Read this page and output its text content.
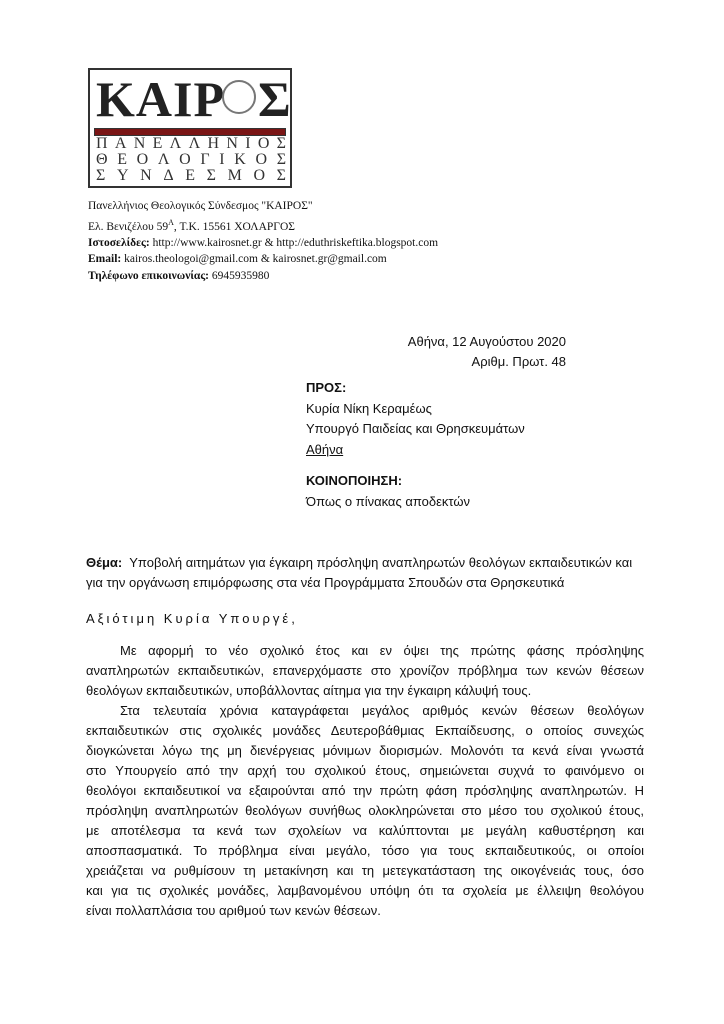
ΚΑΙΡ Σ
Π Α Ν Ε Λ Λ Η Ν Ι Ο Σ
Θ Ε Ο Λ Ο Γ Ι Κ Ο Σ
Σ Υ Ν Δ Ε Σ Μ Ο Σ
Πανελλήνιος Θεολογικός Σύνδεσμος "ΚΑΙΡΟΣ"
Ελ. Βενιζέλου $59^A$, Τ.Κ. 15561 ΧΟΛΑΡΓΟΣ
Ιστοσελίδες: http://www.kairosnet.gr & http://eduthriskeftika.blogspot.com
Email: kairos.theologoi@gmail.com & kairosnet.gr@gmail.com
Τηλέφωνο επικοινωνίας: 6945935980
Αθήνα, 12 Αυγούστου 2020
Αριθμ. Πρωτ. 48
ΠΡΟΣ:
Κυρία Νίκη Κεραμέως
Υπουργό Παιδείας και Θρησκευμάτων
Αθήνα
ΚΟΙΝΟΠΟΙΗΣΗ:
Όπως ο πίνακας αποδεκτών
Θέμα: Υποβολή αιτημάτων για έγκαιρη πρόσληψη αναπληρωτών θεολόγων εκπαιδευτικών και για την οργάνωση επιμόρφωσης στα νέα Προγράμματα Σπουδών στα Θρησκευτικά
Αξιότιμη Κυρία Υπουργέ,
Με αφορμή το νέο σχολικό έτος και εν όψει της πρώτης φάσης πρόσληψης
αναπληρωτών εκπαιδευτικών, επανερχόμαστε στο χρονίζον πρόβλημα των κενών θέσεων
θεολόγων εκπαιδευτικών, υποβάλλοντας αίτημα για την έγκαιρη κάλυψή τους.
Στα τελευταία χρόνια καταγράφεται μεγάλος αριθμός κενών θέσεων θεολόγων
εκπαιδευτικών στις σχολικές μονάδες Δευτεροβάθμιας Εκπαίδευσης, ο οποίος συνεχώς
διογκώνεται λόγω της μη διενέργειας μόνιμων διορισμών. Μολονότι τα κενά είναι γνωστά
στο Υπουργείο από την αρχή του σχολικού έτους, σημειώνεται συχνά το φαινόμενο οι
θεολόγοι εκπαιδευτικοί να εξαιρούνται από την πρώτη φάση πρόσληψης αναπληρωτών. Η
πρόσληψη αναπληρωτών θεολόγων συνήθως ολοκληρώνεται στο μέσο του σχολικού έτους,
με αποτέλεσμα τα κενά των σχολείων να καλύπτονται με μεγάλη καθυστέρηση και
αποσπασματικά. Το πρόβλημα είναι μεγάλο, τόσο για τους εκπαιδευτικούς, οι οποίοι
χρειάζεται να ρυθμίσουν τη μετακίνηση και τη μετεγκατάσταση της οικογένειάς τους, όσο
και για τις σχολικές μονάδες, λαμβανομένου υπόψη ότι τα σχολεία με έλλειψη θεολόγου
είναι πολλαπλάσια του αριθμού των κενών θέσεων.
